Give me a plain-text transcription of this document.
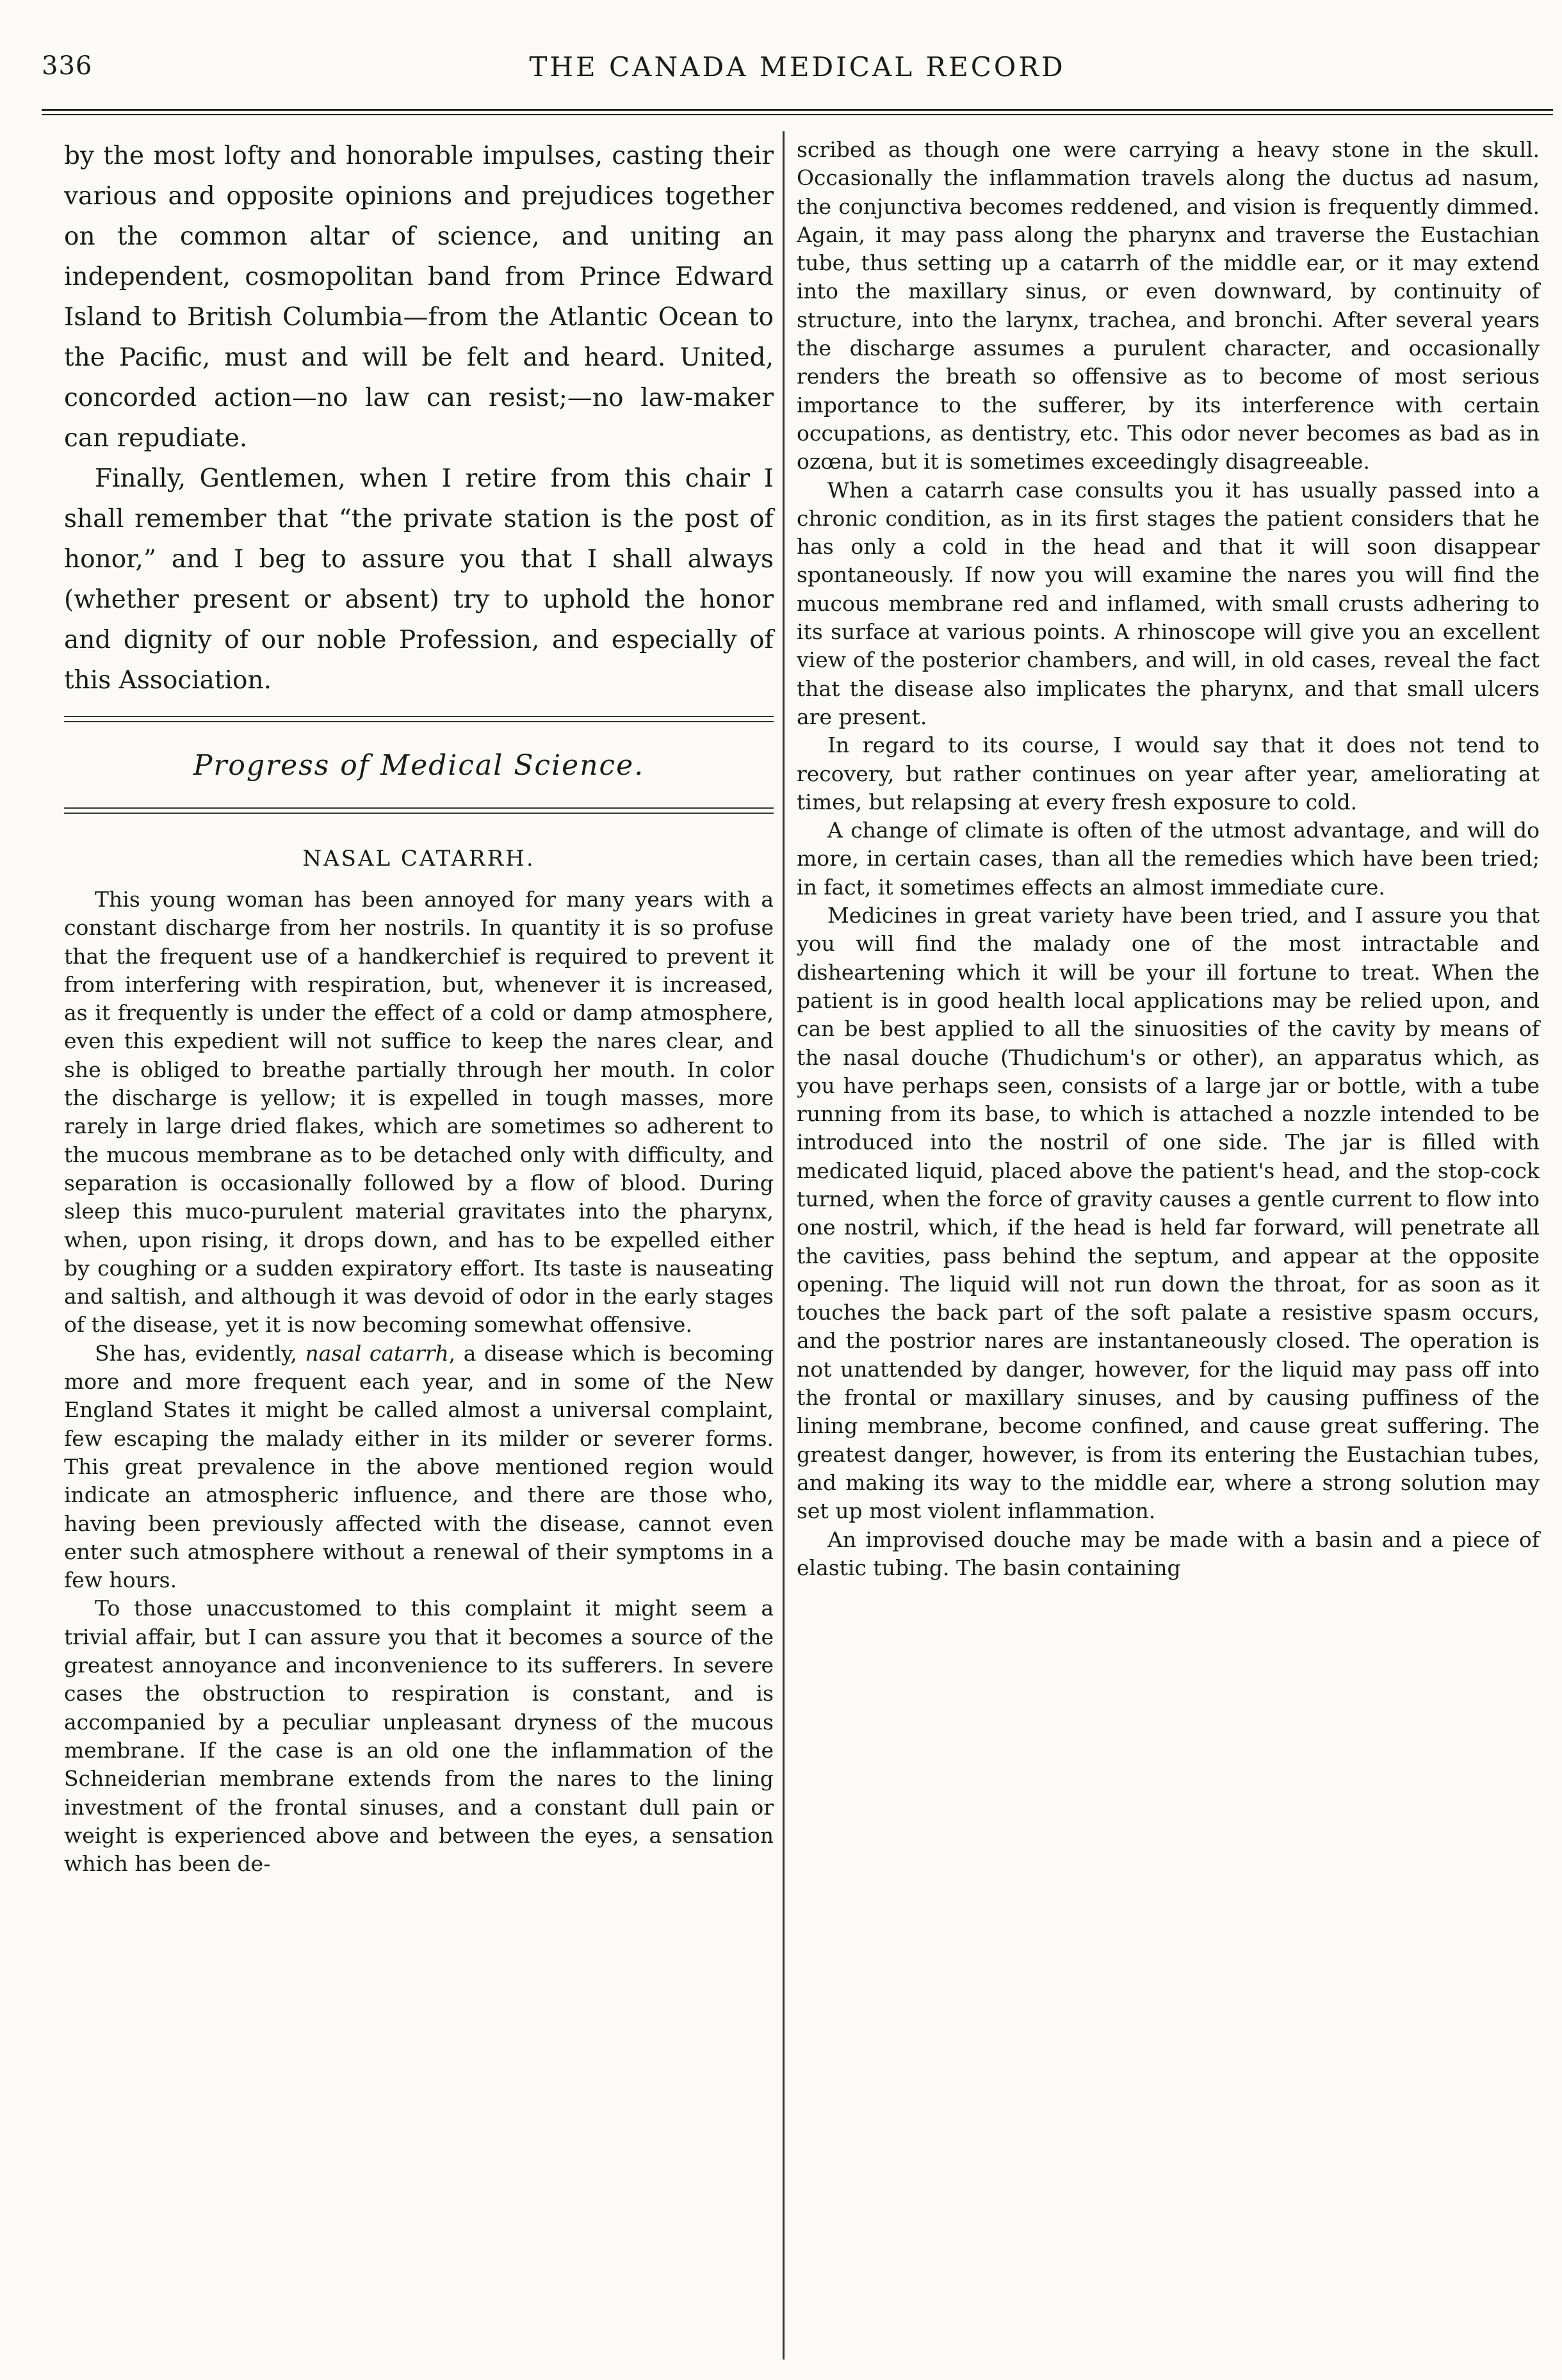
336	THE CANADA MEDICAL RECORD

by the most lofty and honorable impulses, casting their various and opposite opinions and prejudices together on the common altar of science, and uniting an independent, cosmopolitan band from Prince Edward Island to British Columbia—from the Atlantic Ocean to the Pacific, must and will be felt and heard. United, concorded action—no law can resist;—no law-maker can repudiate.

Finally, Gentlemen, when I retire from this chair I shall remember that “the private station is the post of honor,” and I beg to assure you that I shall always (whether present or absent) try to uphold the honor and dignity of our noble Profession, and especially of this Association.

Progress of Medical Science.
NASAL CATARRH.

This young woman has been annoyed for many years with a constant discharge from her nostrils. In quantity it is so profuse that the frequent use of a handkerchief is required to prevent it from interfering with respiration, but, whenever it is increased, as it frequently is under the effect of a cold or damp atmosphere, even this expedient will not suffice to keep the nares clear, and she is obliged to breathe partially through her mouth. In color the discharge is yellow; it is expelled in tough masses, more rarely in large dried flakes, which are sometimes so adherent to the mucous membrane as to be detached only with difficulty, and separation is occasionally followed by a flow of blood. During sleep this muco-purulent material gravitates into the pharynx, when, upon rising, it drops down, and has to be expelled either by coughing or a sudden expiratory effort. Its taste is nauseating and saltish, and although it was devoid of odor in the early stages of the disease, yet it is now becoming somewhat offensive.

She has, evidently, nasal catarrh, a disease which is becoming more and more frequent each year, and in some of the New England States it might be called almost a universal complaint, few escaping the malady either in its milder or severer forms. This great prevalence in the above mentioned region would indicate an atmospheric influence, and there are those who, having been previously affected with the disease, cannot even enter such atmosphere without a renewal of their symptoms in a few hours.

To those unaccustomed to this complaint it might seem a trivial affair, but I can assure you that it becomes a source of the greatest annoyance and inconvenience to its sufferers. In severe cases the obstruction to respiration is constant, and is accompanied by a peculiar unpleasant dryness of the mucous membrane. If the case is an old one the inflammation of the Schneiderian membrane extends from the nares to the lining investment of the frontal sinuses, and a constant dull pain or weight is experienced above and between the eyes, a sensation which has been de-

scribed as though one were carrying a heavy stone in the skull. Occasionally the inflammation travels along the ductus ad nasum, the conjunctiva becomes reddened, and vision is frequently dimmed. Again, it may pass along the pharynx and traverse the Eustachian tube, thus setting up a catarrh of the middle ear, or it may extend into the maxillary sinus, or even downward, by continuity of structure, into the larynx, trachea, and bronchi. After several years the discharge assumes a purulent character, and occasionally renders the breath so offensive as to become of most serious importance to the sufferer, by its interference with certain occupations, as dentistry, etc. This odor never becomes as bad as in ozœna, but it is sometimes exceedingly disagreeable.

When a catarrh case consults you it has usually passed into a chronic condition, as in its first stages the patient considers that he has only a cold in the head and that it will soon disappear spontaneously. If now you will examine the nares you will find the mucous membrane red and inflamed, with small crusts adhering to its surface at various points. A rhinoscope will give you an excellent view of the posterior chambers, and will, in old cases, reveal the fact that the disease also implicates the pharynx, and that small ulcers are present.

In regard to its course, I would say that it does not tend to recovery, but rather continues on year after year, ameliorating at times, but relapsing at every fresh exposure to cold.

A change of climate is often of the utmost advantage, and will do more, in certain cases, than all the remedies which have been tried; in fact, it sometimes effects an almost immediate cure.

Medicines in great variety have been tried, and I assure you that you will find the malady one of the most intractable and disheartening which it will be your ill fortune to treat. When the patient is in good health local applications may be relied upon, and can be best applied to all the sinuosities of the cavity by means of the nasal douche (Thudichum's or other), an apparatus which, as you have perhaps seen, consists of a large jar or bottle, with a tube running from its base, to which is attached a nozzle intended to be introduced into the nostril of one side. The jar is filled with medicated liquid, placed above the patient's head, and the stop-cock turned, when the force of gravity causes a gentle current to flow into one nostril, which, if the head is held far forward, will penetrate all the cavities, pass behind the septum, and appear at the opposite opening. The liquid will not run down the throat, for as soon as it touches the back part of the soft palate a resistive spasm occurs, and the postrior nares are instantaneously closed. The operation is not unattended by danger, however, for the liquid may pass off into the frontal or maxillary sinuses, and by causing puffiness of the lining membrane, become confined, and cause great suffering. The greatest danger, however, is from its entering the Eustachian tubes, and making its way to the middle ear, where a strong solution may set up most violent inflammation.

An improvised douche may be made with a basin and a piece of elastic tubing. The basin containing
